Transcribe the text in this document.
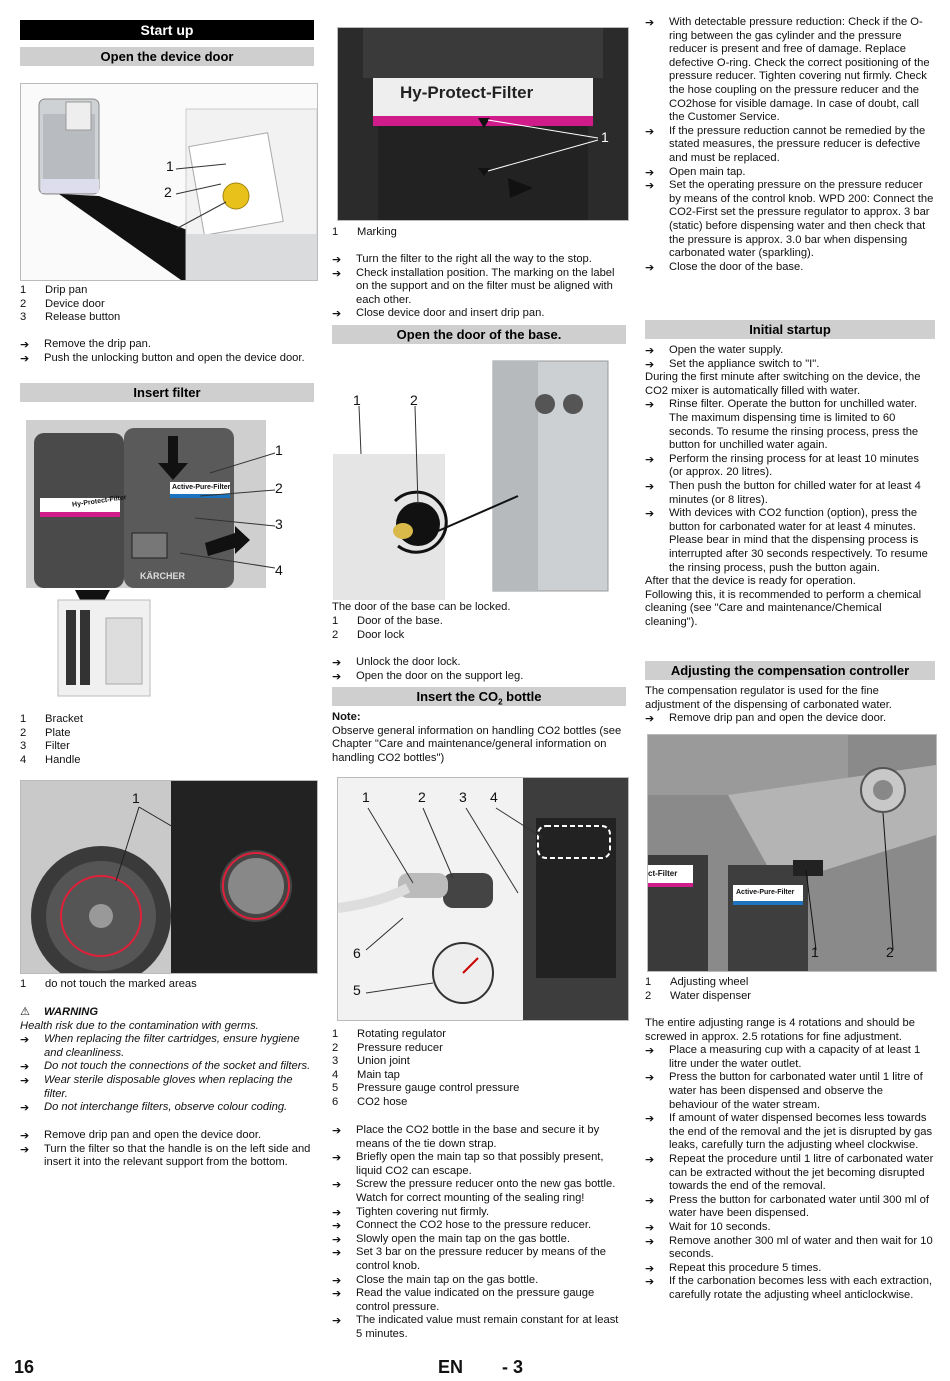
Start up
Open the device door
1
2
3
1	Drip pan
2	Device door
3	Release button
➔	Remove the drip pan.
➔	Push the unlocking button and open the device door.
Insert filter
Hy-Protect-Filter
Active-Pure-Filter
KÄRCHER
1
2
3
4
1	Bracket
2	Plate
3	Filter
4	Handle
1
1	do not touch the marked areas
⚠ WARNING
Health risk due to the contamination with germs.
➔	When replacing the filter cartridges, ensure hygiene and cleanliness.
➔	Do not touch the connections of the socket and filters.
➔	Wear sterile disposable gloves when replacing the filter.
➔	Do not interchange filters, observe colour coding.
➔	Remove drip pan and open the device door.
➔	Turn the filter so that the handle is on the left side and insert it into the relevant support from the bottom.
Hy-Protect-Filter
1
1	Marking
➔	Turn the filter to the right all the way to the stop.
➔	Check installation position. The marking on the label on the support and on the filter must be aligned with each other.
➔	Close device door and insert drip pan.
Open the door of the base.
1	2
The door of the base can be locked.
1	Door of the base.
2	Door lock
➔	Unlock the door lock.
➔	Open the door on the support leg.
Insert the $CO_2$ bottle
Note:
Observe general information on handling CO2 bottles (see Chapter "Care and maintenance/general information on handling CO2 bottles")
1	2 3 4
6
5
1	Rotating regulator
2	Pressure reducer
3	Union joint
4	Main tap
5	Pressure gauge control pressure
6	CO2 hose
➔	Place the CO2 bottle in the base and secure it by means of the tie down strap.
➔	Briefly open the main tap so that possibly present, liquid CO2 can escape.
➔	Screw the pressure reducer onto the new gas bottle. Watch for correct mounting of the sealing ring!
➔	Tighten covering nut firmly.
➔	Connect the CO2 hose to the pressure reducer.
➔	Slowly open the main tap on the gas bottle.
➔	Set 3 bar on the pressure reducer by means of the control knob.
➔	Close the main tap on the gas bottle.
➔	Read the value indicated on the pressure gauge control pressure.
➔	The indicated value must remain constant for at least 5 minutes.
➔	With detectable pressure reduction: Check if the O-ring between the gas cylinder and the pressure reducer is present and free of damage. Replace defective O-ring. Check the correct positioning of the pressure reducer. Tighten covering nut firmly. Check the hose coupling on the pressure reducer and the CO2hose for visible damage. In case of doubt, call the Customer Service.
➔	If the pressure reduction cannot be remedied by the stated measures, the pressure reducer is defective and must be replaced.
➔	Open main tap.
➔	Set the operating pressure on the pressure reducer by means of the control knob. WPD 200: Connect the CO2-First set the pressure regulator to approx. 3 bar (static) before dispensing water and then check that the pressure is approx. 3.0 bar when dispensing carbonated water (sparkling).
➔	Close the door of the base.
Initial startup
➔	Open the water supply.
➔	Set the appliance switch to "I".
During the first minute after switching on the device, the CO2 mixer is automatically filled with water.
➔	Rinse filter. Operate the button for unchilled water. The maximum dispensing time is limited to 60 seconds. To resume the rinsing process, press the button for unchilled water again.
➔	Perform the rinsing process for at least 10 minutes (or approx. 20 litres).
➔	Then push the button for chilled water for at least 4 minutes (or 8 litres).
➔	With devices with CO2 function (option), press the button for carbonated water for at least 4 minutes. Please bear in mind that the dispensing process is interrupted after 30 seconds respectively. To resume the rinsing process, push the button again.
After that the device is ready for operation.
Following this, it is recommended to perform a chemical cleaning (see "Care and maintenance/Chemical cleaning").
Adjusting the compensation controller
The compensation regulator is used for the fine adjustment of the dispensing of carbonated water.
➔	Remove drip pan and open the device door.
ct-Filter
Active-Pure-Filter
1	2
1	Adjusting wheel
2	Water dispenser
The entire adjusting range is 4 rotations and should be screwed in approx. 2.5 rotations for fine adjustment.
➔	Place a measuring cup with a capacity of at least 1 litre under the water outlet.
➔	Press the button for carbonated water until 1 litre of water has been dispensed and observe the behaviour of the water stream.
➔	If amount of water dispensed becomes less towards the end of the removal and the jet is disrupted by gas leaks, carefully turn the adjusting wheel clockwise.
➔	Repeat the procedure until 1 litre of carbonated water can be extracted without the jet becoming disrupted towards the end of the removal.
➔	Press the button for carbonated water until 300 ml of water have been dispensed.
➔	Wait for 10 seconds.
➔	Remove another 300 ml of water and then wait for 10 seconds.
➔	Repeat this procedure 5 times.
➔	If the carbonation becomes less with each extraction, carefully rotate the adjusting wheel anticlockwise.
16	EN - 3
